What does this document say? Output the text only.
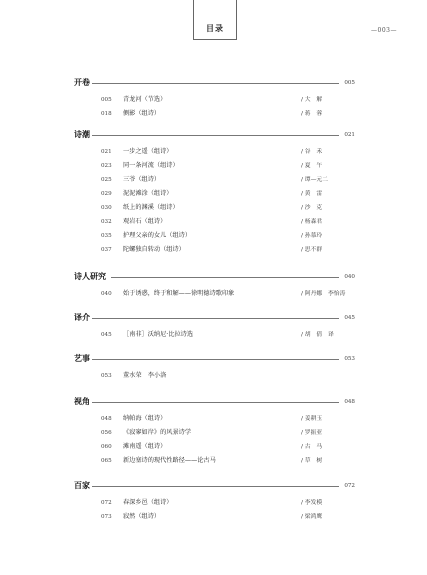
目录	—003—
开卷	005
005 青龙河（节选）	/ 大　解
018 侧影（组诗）	/ 蒋　蓉
诗潮	021
021 一步之遥（组诗）	/ 谷　禾
023 同一条河流（组诗）	/ 夏　午
025 三爷（组诗）	/ 谭—元二
029 泥泥滩涂（组诗）	/ 黄　雷
030 纸上的渊溪（组诗）	/ 沙　克
032 观岩石（组诗）	/ 杨森君
035 护理父亲的女儿（组诗）	/ 孙慕玲
037 陀螺独自转动（组诗）	/ 思不群
诗人研究	040
040 始于诱惑，终于和解——徐明德诗歌印象	/ 阿丹娜　李怡涛
译介	045
045 ［南非］沃纳尼·比拉诗选	/ 胡　倩　译
艺事	053
053 董水荣　李小洛
视角	048
048 纳帕海（组诗）	/ 姜耕玉
056 《寂寥如岸》的风景诗学	/ 罗振亚
060 滩南遥（组诗）	/ 古　马
065 新边塞诗的现代性路径——论古马	/ 草　树
百家	072
072 春深乡邑（组诗）	/ 李发模
073 寂然（组诗）	/ 梁鸿鹰
